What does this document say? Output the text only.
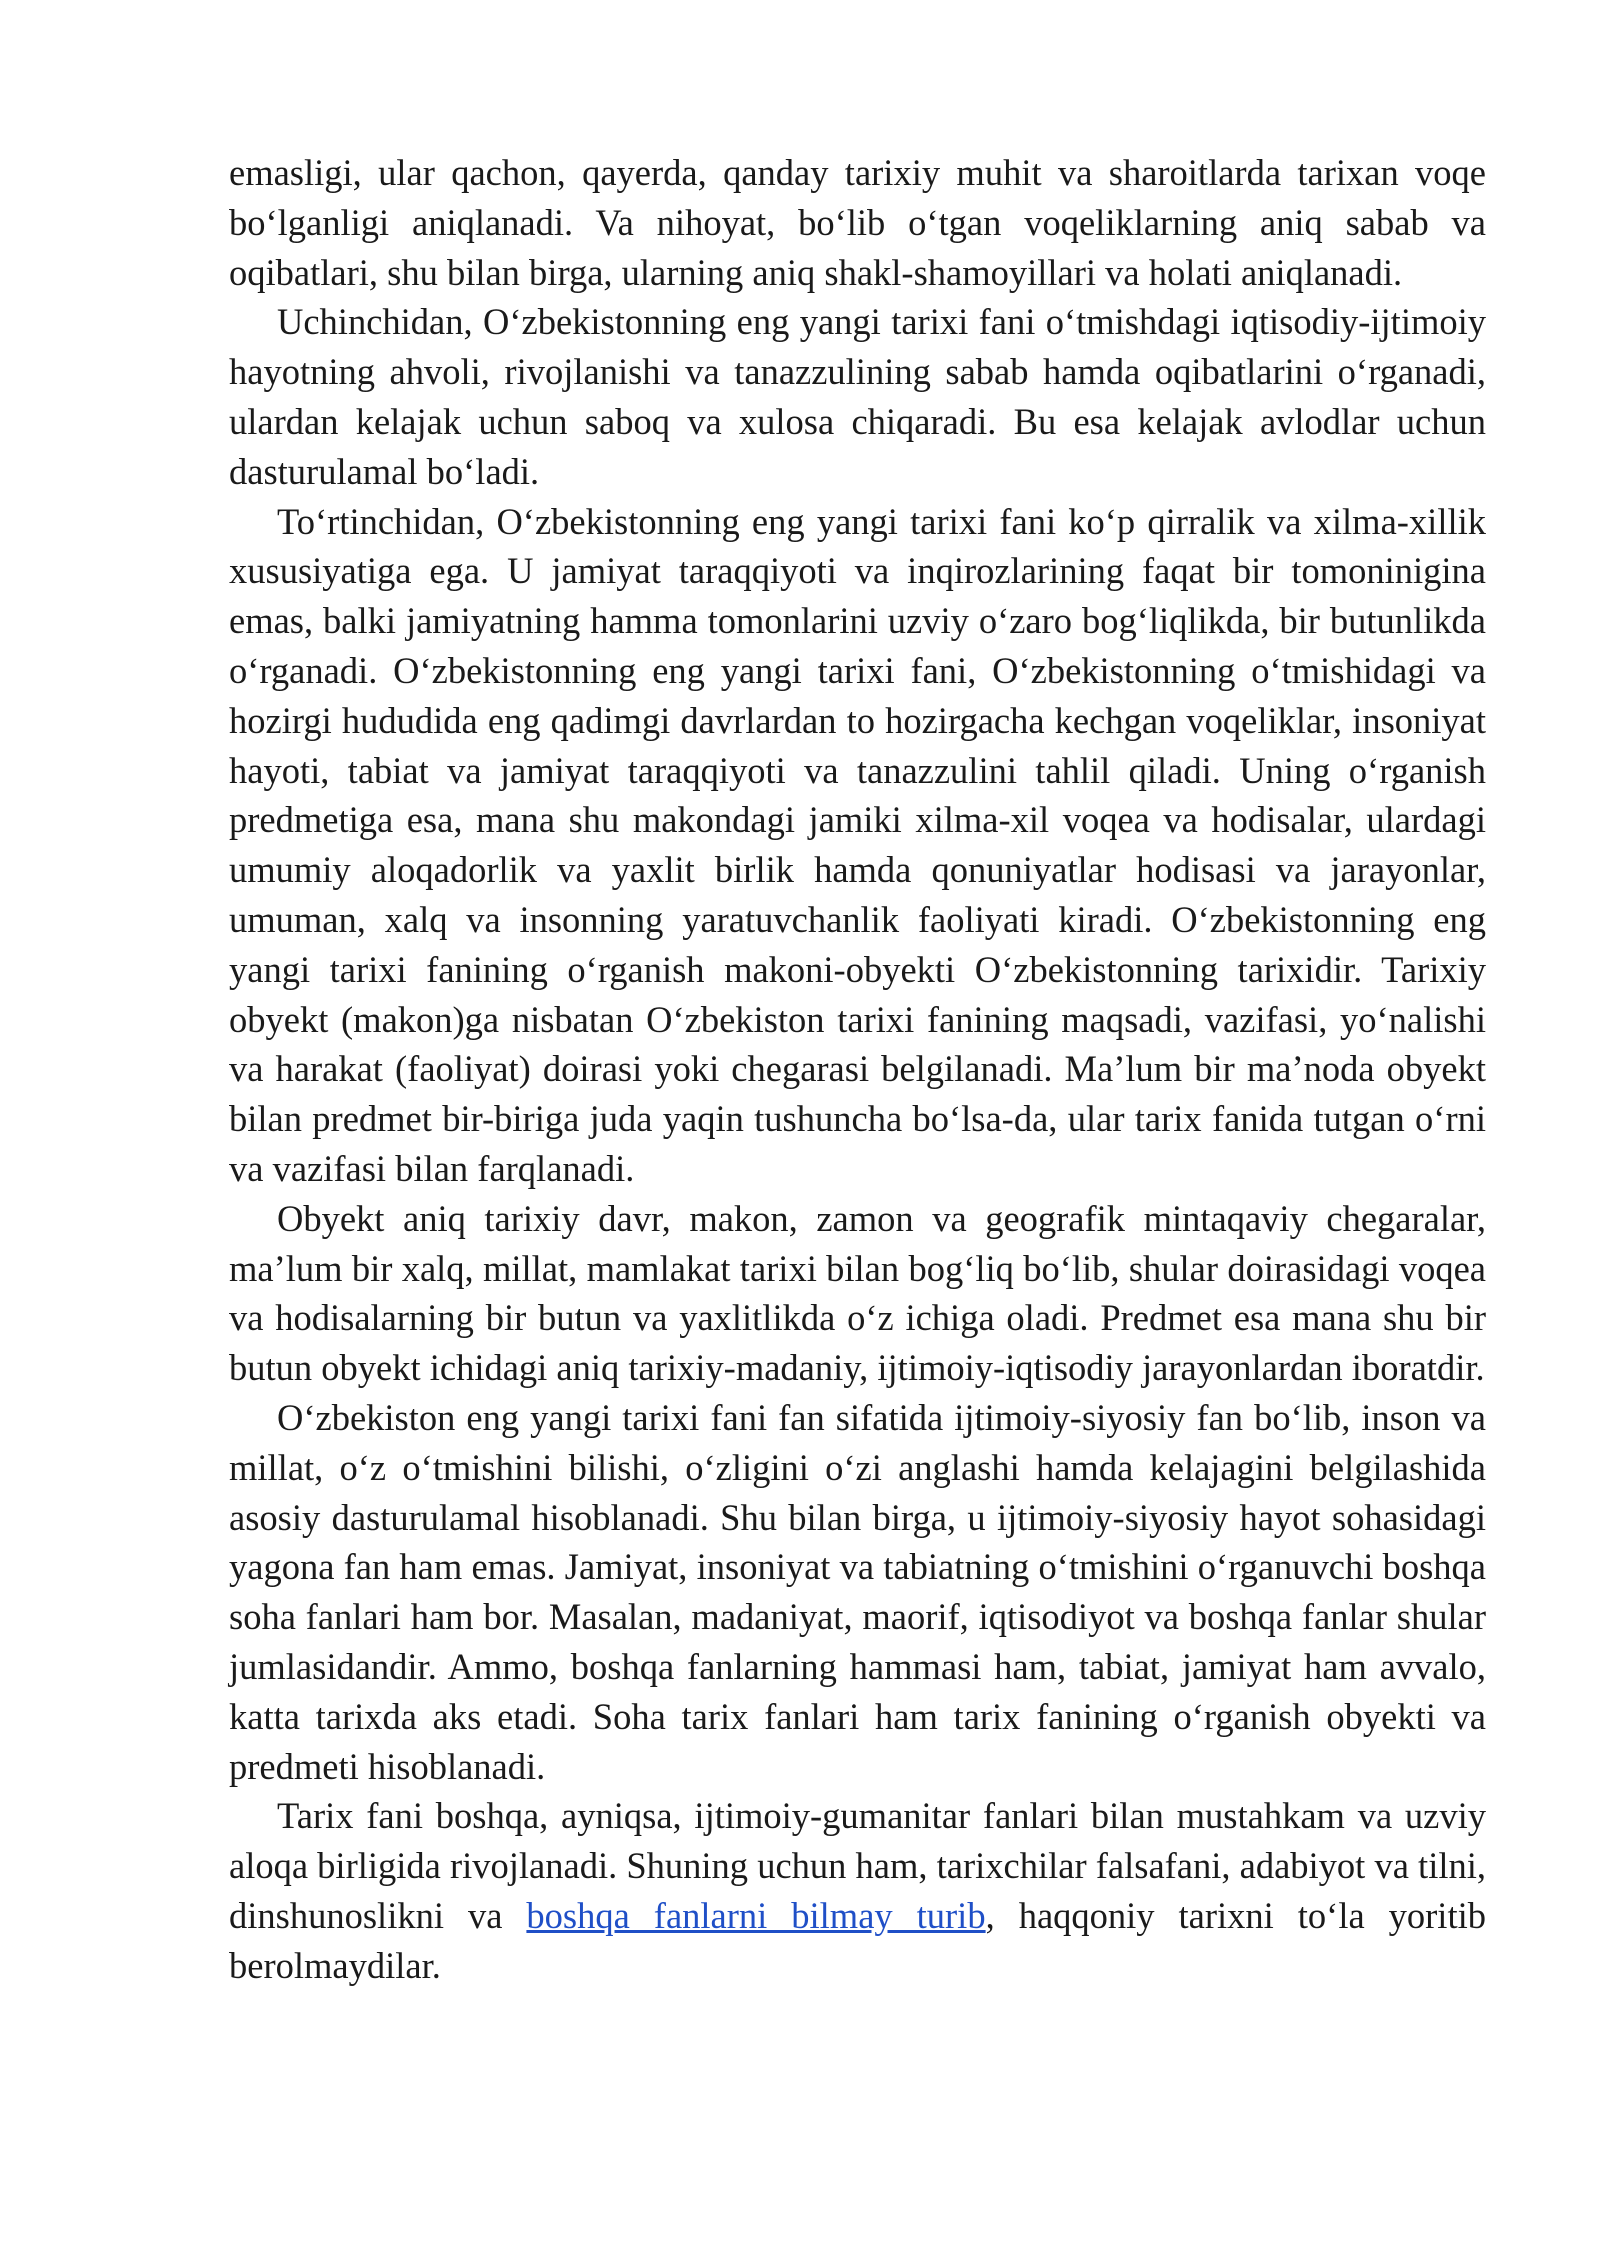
emasligi, ular qachon, qayerda, qanday tarixiy muhit va sharoitlarda tarixan voqe bo‘lganligi aniqlanadi. Va nihoyat, bo‘lib o‘tgan voqeliklarning aniq sabab va oqibatlari, shu bilan birga, ularning aniq shakl-shamoyillari va holati aniqlanadi.

Uchinchidan, O‘zbekistonning eng yangi tarixi fani o‘tmishdagi iqtisodiy-ijtimoiy hayotning ahvoli, rivojlanishi va tanazzulining sabab hamda oqibatlarini o‘rganadi, ulardan kelajak uchun saboq va xulosa chiqaradi. Bu esa kelajak avlodlar uchun dasturulamal bo‘ladi.

To‘rtinchidan, O‘zbekistonning eng yangi tarixi fani ko‘p qirralik va xilma-xillik xususiyatiga ega. U jamiyat taraqqiyoti va inqirozlarining faqat bir tomoninigina emas, balki jamiyatning hamma tomonlarini uzviy o‘zaro bog‘liqlikda, bir butunlikda o‘rganadi. O‘zbekistonning eng yangi tarixi fani, O‘zbekistonning o‘tmishidagi va hozirgi hududida eng qadimgi davrlardan to hozirgacha kechgan voqeliklar, insoniyat hayoti, tabiat va jamiyat taraqqiyoti va tanazzulini tahlil qiladi. Uning o‘rganish predmetiga esa, mana shu makondagi jamiki xilma-xil voqea va hodisalar, ulardagi umumiy aloqadorlik va yaxlit birlik hamda qonuniyatlar hodisasi va jarayonlar, umuman, xalq va insonning yaratuvchanlik faoliyati kiradi. O‘zbekistonning eng yangi tarixi fanining o‘rganish makoni-obyekti O‘zbekistonning tarixidir. Tarixiy obyekt (makon)ga nisbatan O‘zbekiston tarixi fanining maqsadi, vazifasi, yo‘nalishi va harakat (faoliyat) doirasi yoki chegarasi belgilanadi. Ma’lum bir ma’noda obyekt bilan predmet bir-biriga juda yaqin tushuncha bo‘lsa-da, ular tarix fanida tutgan o‘rni va vazifasi bilan farqlanadi.

Obyekt aniq tarixiy davr, makon, zamon va geografik mintaqaviy chegaralar, ma’lum bir xalq, millat, mamlakat tarixi bilan bog‘liq bo‘lib, shular doirasidagi voqea va hodisalarning bir butun va yaxlitlikda o‘z ichiga oladi. Predmet esa mana shu bir butun obyekt ichidagi aniq tarixiy-madaniy, ijtimoiy-iqtisodiy jarayonlardan iboratdir.

O‘zbekiston eng yangi tarixi fani fan sifatida ijtimoiy-siyosiy fan bo‘lib, inson va millat, o‘z o‘tmishini bilishi, o‘zligini o‘zi anglashi hamda kelajagini belgilashida asosiy dasturulamal hisoblanadi. Shu bilan birga, u ijtimoiy-siyosiy hayot sohasidagi yagona fan ham emas. Jamiyat, insoniyat va tabiatning o‘tmishini o‘rganuvchi boshqa soha fanlari ham bor. Masalan, madaniyat, maorif, iqtisodiyot va boshqa fanlar shular jumlasidandir. Ammo, boshqa fanlarning hammasi ham, tabiat, jamiyat ham avvalo, katta tarixda aks etadi. Soha tarix fanlari ham tarix fanining o‘rganish obyekti va predmeti hisoblanadi.

Tarix fani boshqa, ayniqsa, ijtimoiy-gumanitar fanlari bilan mustahkam va uzviy aloqa birligida rivojlanadi. Shuning uchun ham, tarixchilar falsafani, adabiyot va tilni, dinshunoslikni va boshqa fanlarni bilmay turib, haqqoniy tarixni to‘la yoritib berolmaydilar.
